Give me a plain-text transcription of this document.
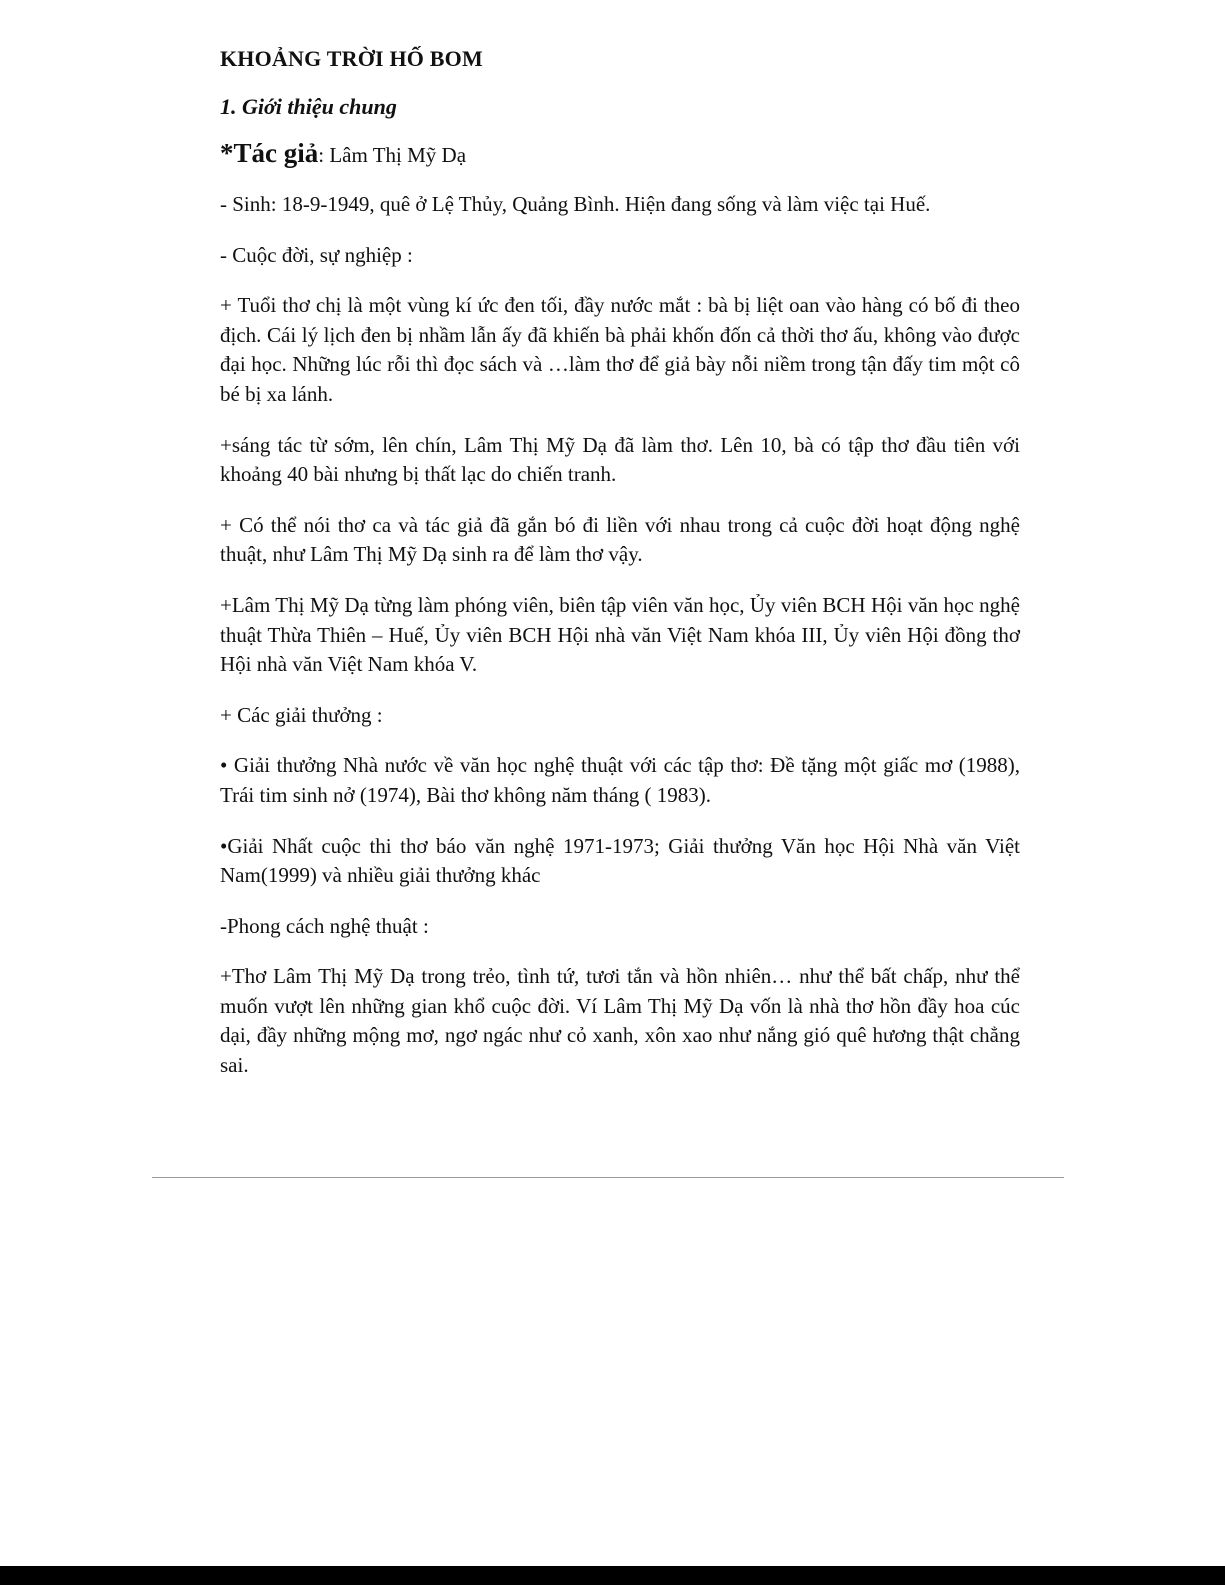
KHOẢNG TRỜI HỐ BOM
1. Giới thiệu chung
*Tác giả: Lâm Thị Mỹ Dạ

- Sinh: 18-9-1949, quê ở Lệ Thủy, Quảng Bình. Hiện đang sống và làm việc tại Huế.

- Cuộc đời, sự nghiệp :

+ Tuổi thơ chị là một vùng kí ức đen tối, đầy nước mắt : bà bị liệt oan vào hàng có bố đi theo địch. Cái lý lịch đen bị nhầm lẫn ấy đã khiến bà phải khốn đốn cả thời thơ ấu, không vào được đại học. Những lúc rỗi thì đọc sách và …làm thơ để giả bày nỗi niềm trong tận đấy tim một cô bé bị xa lánh.

+sáng tác từ sớm, lên chín, Lâm Thị Mỹ Dạ đã làm thơ. Lên 10, bà có tập thơ đầu tiên với khoảng 40 bài nhưng bị thất lạc do chiến tranh.

+ Có thể nói thơ ca và tác giả đã gắn bó đi liền với nhau trong cả cuộc đời hoạt động nghệ thuật, như Lâm Thị Mỹ Dạ sinh ra để làm thơ vậy.

+Lâm Thị Mỹ Dạ từng làm phóng viên, biên tập viên văn học, Ủy viên BCH Hội văn học nghệ thuật Thừa Thiên – Huế, Ủy viên BCH Hội nhà văn Việt Nam khóa III, Ủy viên Hội đồng thơ Hội nhà văn Việt Nam khóa V.

+ Các giải thưởng :

• Giải thưởng Nhà nước về văn học nghệ thuật với các tập thơ: Đề tặng một giấc mơ (1988), Trái tim sinh nở (1974), Bài thơ không năm tháng ( 1983).

•Giải Nhất cuộc thi thơ báo văn nghệ 1971-1973; Giải thưởng Văn học Hội Nhà văn Việt Nam(1999) và nhiều giải thưởng khác

-Phong cách nghệ thuật :

+Thơ Lâm Thị Mỹ Dạ trong trẻo, tình tứ, tươi tắn và hồn nhiên… như thể bất chấp, như thể muốn vượt lên những gian khổ cuộc đời. Ví Lâm Thị Mỹ Dạ vốn là nhà thơ hồn đầy hoa cúc dại, đầy những mộng mơ, ngơ ngác như cỏ xanh, xôn xao như nắng gió quê hương thật chẳng sai.
